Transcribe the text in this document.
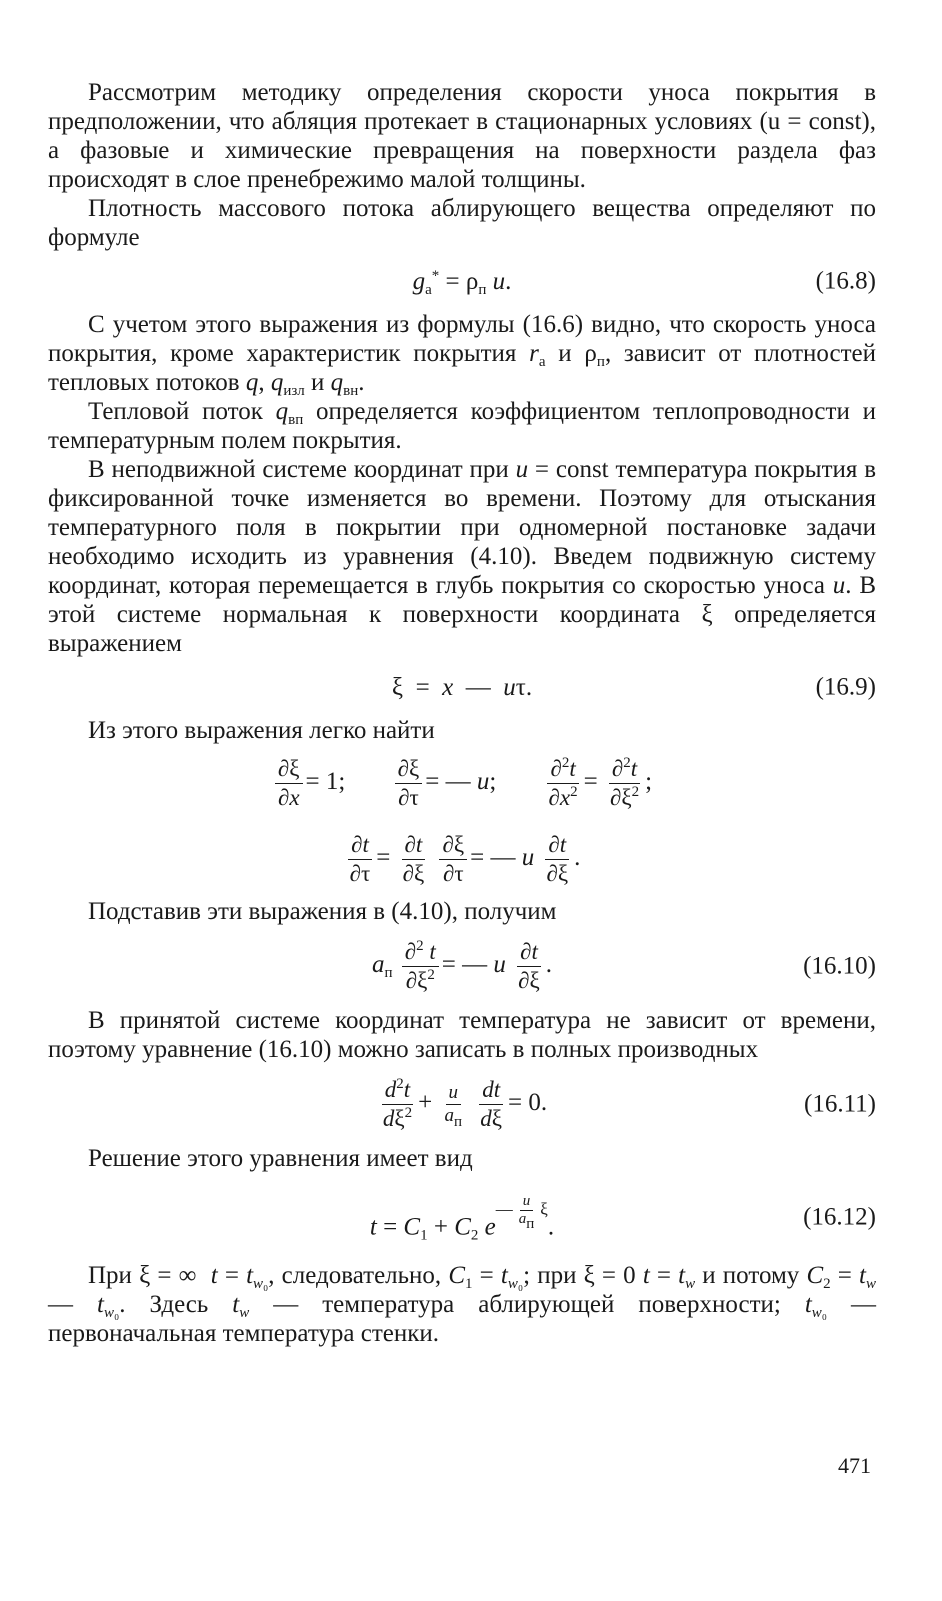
Рассмотрим методику определения скорости уноса покрытия в предположении, что абляция протекает в стационарных условиях (u = const), а фазовые и химические превращения на поверхности раздела фаз происходят в слое пренебрежимо малой толщины.

Плотность массового потока аблирующего вещества определяют по формуле

$g_а^* = \rho_п$ u.	(16.8)

С учетом этого выражения из формулы (16.6) видно, что скорость уноса покрытия, кроме характеристик покрытия $r_а$ и $\rho_п$, зависит от плотностей тепловых потоков q, $q_{изл}$ и $q_{вн}$.

Тепловой поток $q_{вп}$ определяется коэффициентом теплопроводности и температурным полем покрытия.

В неподвижной системе координат при u = const температура покрытия в фиксированной точке изменяется во времени. Поэтому для отыскания температурного поля в покрытии при одномерной постановке задачи необходимо исходить из уравнения (4.10). Введем подвижную систему координат, которая перемещается в глубь покрытия со скоростью уноса u. В этой системе нормальная к поверхности координата ξ определяется выражением

ξ  =  x  —  uτ.	(16.9)

Из этого выражения легко найти

$\frac{\partial\xi}{\partial x} = 1$; $\frac{\partial\xi}{\partial\tau}$ = — u; $\frac{\partial^2t}{\partial x^2} = \frac{\partial^2t}{\partial\xi^2}$ ;
$\frac{\partial t}{\partial\tau} = \frac{\partial t}{\partial\xi}$
$\frac{\partial\xi}{\partial\tau}$ = — u $\frac{\partial t}{\partial\xi}$ .

Подставив эти выражения в (4.10), получим

$a_п \frac{\partial^2 t}{\partial\xi^2}$ = — u $\frac{\partial t}{\partial\xi}$ .	(16.10)

В принятой системе координат температура не зависит от времени, поэтому уравнение (16.10) можно записать в полных производных

$\frac{d^2t}{d\xi^2} + \frac{u}{a_п}$
$\frac{dt}{d\xi} = 0$.	(16.11)

Решение этого уравнения имеет вид

$t = C_1 + C_2$ e— $\frac{u}{a_п} \xi$.	(16.12)

При ξ = ∞ $t = t_{w_0}$, следовательно, $C_1 = t_{w_0}$; при ξ = 0 $t = t_w$ и потому $C_2 = t_w$ — $t_{w_0}$. Здесь $t_w$ — температура аблирующей поверхности; $t_{w_0}$ — первоначальная температура стенки.

471
